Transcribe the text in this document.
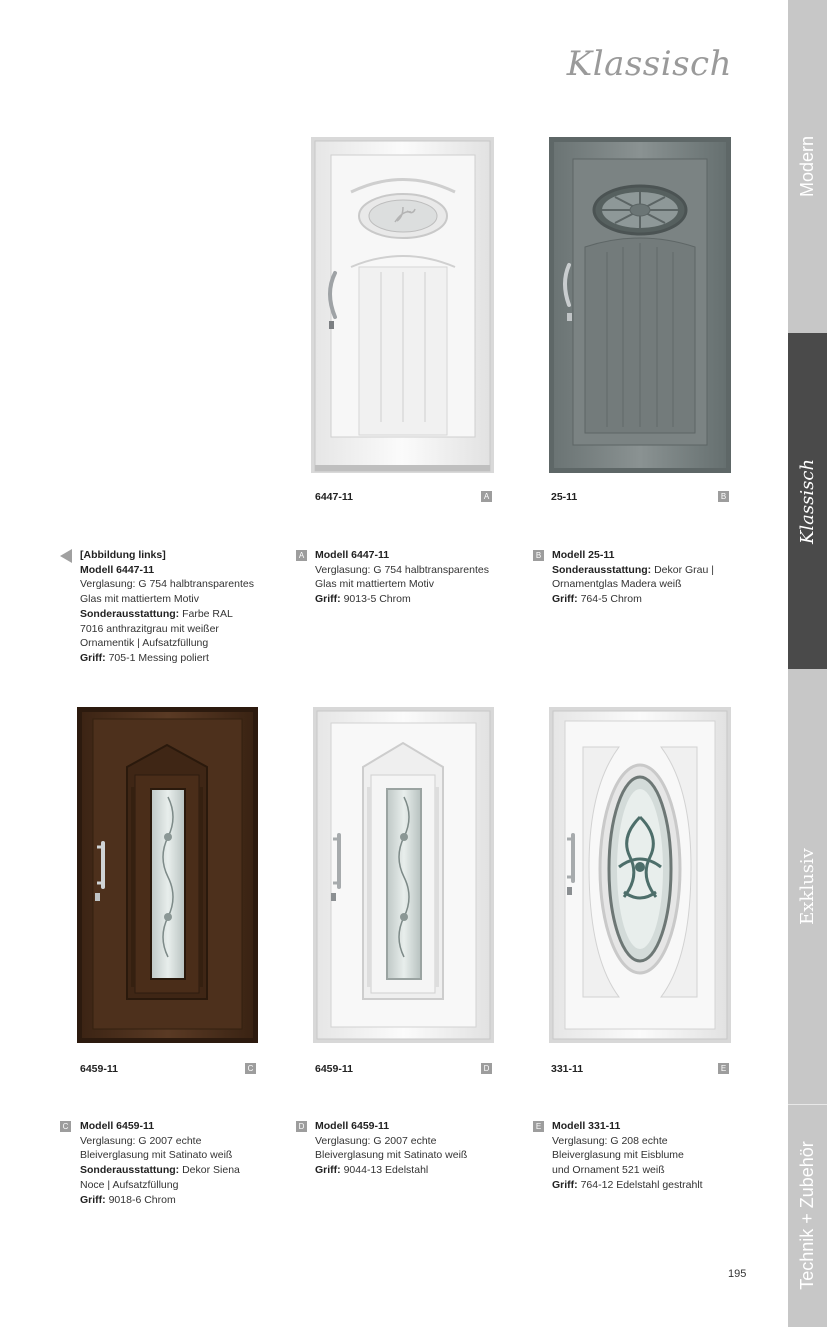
Klassisch
Modern
Klassisch
Exklusiv
Technik + Zubehör
6447-11	A	25-11	B
[Abbildung links]
Modell 6447-11
Verglasung: G 754 halbtransparentes
Glas mit mattiertem Motiv
Sonderausstattung: Farbe RAL
7016 anthrazitgrau mit weißer
Ornamentik | Aufsatzfüllung
Griff: 705-1 Messing poliert
A Modell 6447-11
Verglasung: G 754 halbtransparentes
Glas mit mattiertem Motiv
Griff: 9013-5 Chrom
B Modell 25-11
Sonderausstattung: Dekor Grau |
Ornamentglas Madera weiß
Griff: 764-5 Chrom
6459-11	C	6459-11	D	331-11	E
C Modell 6459-11
Verglasung: G 2007 echte
Bleiverglasung mit Satinato weiß
Sonderausstattung: Dekor Siena
Noce | Aufsatzfüllung
Griff: 9018-6 Chrom
D Modell 6459-11
Verglasung: G 2007 echte
Bleiverglasung mit Satinato weiß
Griff: 9044-13 Edelstahl
E Modell 331-11
Verglasung: G 208 echte
Bleiverglasung mit Eisblume
und Ornament 521 weiß
Griff: 764-12 Edelstahl gestrahlt
195
